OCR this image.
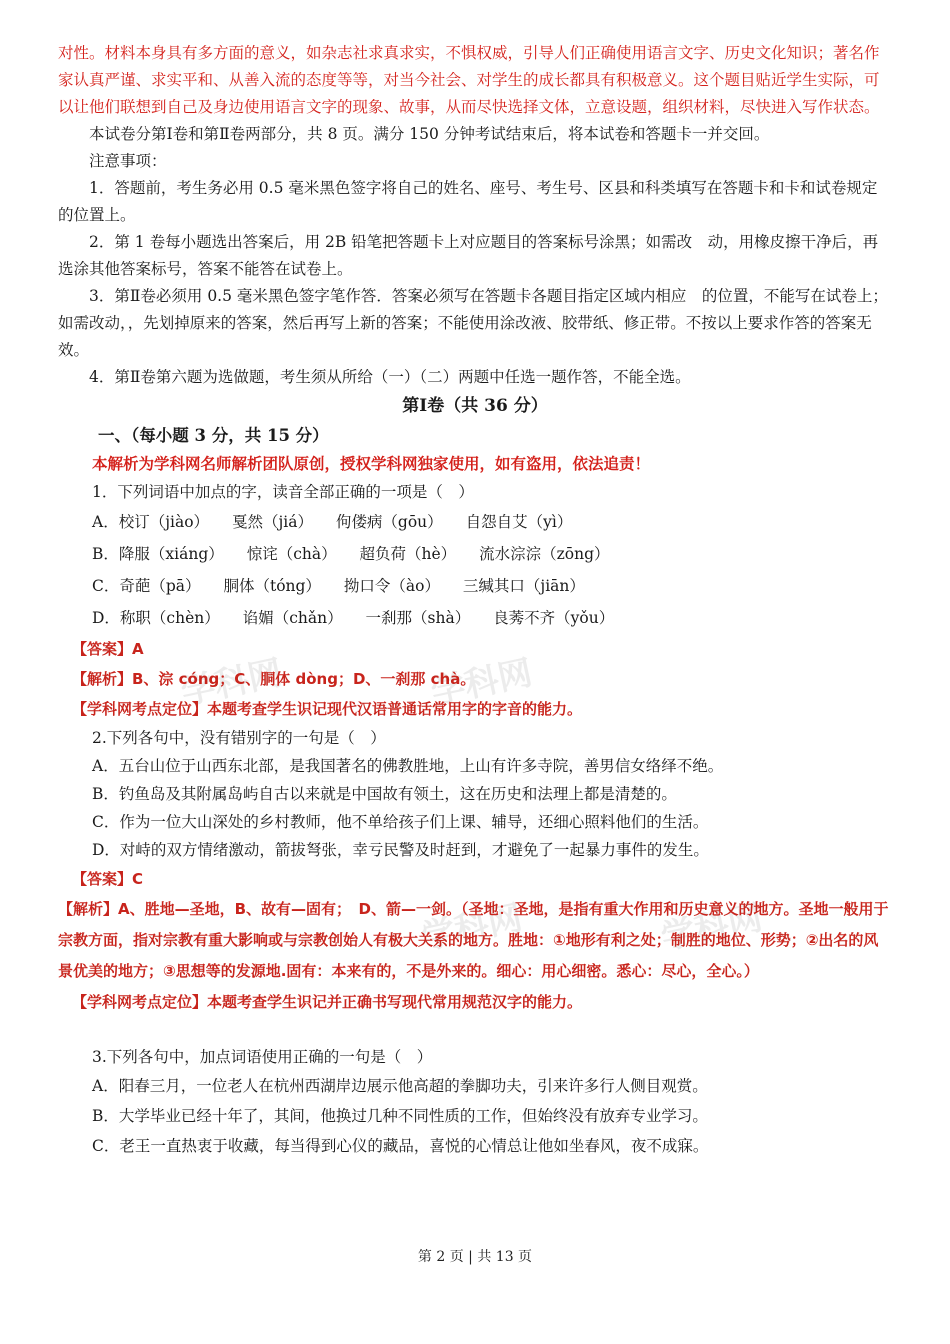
学科网	学科网
学科网	学科网

对性。材料本身具有多方面的意义，如杂志社求真求实，不惧权威，引导人们正确使用语言文字、历史文化知识；著名作家认真严谨、求实平和、从善入流的态度等等，对当今社会、对学生的成长都具有积极意义。这个题目贴近学生实际，可以让他们联想到自己及身边使用语言文字的现象、故事，从而尽快选择文体，立意设题，组织材料，尽快进入写作状态。

本试卷分第Ⅰ卷和第Ⅱ卷两部分，共 8 页。满分 150 分钟考试结束后，将本试卷和答题卡一并交回。

注意事项：

1．答题前，考生务必用 0.5 毫米黑色签字将自己的姓名、座号、考生号、区县和科类填写在答题卡和卡和试卷规定的位置上。

2．第 1 卷每小题选出答案后，用 2B 铅笔把答题卡上对应题目的答案标号涂黑；如需改　动，用橡皮擦干净后，再选涂其他答案标号，答案不能答在试卷上。

3．第Ⅱ卷必须用 0.5 毫米黑色签字笔作答．答案必须写在答题卡各题目指定区域内相应　的位置，不能写在试卷上；如需改动，，先划掉原来的答案，然后再写上新的答案；不能使用涂改液、胶带纸、修正带。不按以上要求作答的答案无效。

4．第Ⅱ卷第六题为选做题，考生须从所给（一）（二）两题中任选一题作答，不能全选。

第Ⅰ卷（共 36 分）

一、（每小题 3 分，共 15 分）

本解析为学科网名师解析团队原创，授权学科网独家使用，如有盗用，依法追责！

1．下列词语中加点的字，读音全部正确的一项是（　）

A．校订（jiào） 戛然（jiá） 佝偻病（gōu） 自怨自艾（yì）

B．降服（xiáng） 惊诧（chà） 超负荷（hè） 流水淙淙（zōng）

C．奇葩（pā） 胴体（tóng） 拗口令（ào） 三缄其口（jiān）

D．称职（chèn） 谄媚（chǎn） 一刹那（shà） 良莠不齐（yǒu）

【答案】A

【解析】B、淙 cóng；C、胴体 dòng；D、一刹那 chà。

【学科网考点定位】本题考查学生识记现代汉语普通话常用字的字音的能力。

2.下列各句中，没有错别字的一句是（　）

A．五台山位于山西东北部，是我国著名的佛教胜地，上山有许多寺院，善男信女络绎不绝。

B．钓鱼岛及其附属岛屿自古以来就是中国故有领土，这在历史和法理上都是清楚的。

C．作为一位大山深处的乡村教师，他不单给孩子们上课、辅导，还细心照料他们的生活。

D．对峙的双方情绪激动，箭拔弩张，幸亏民警及时赶到，才避免了一起暴力事件的发生。

【答案】C

【解析】A、胜地—圣地，B、故有—固有；　D、箭—一剑。（圣地：圣地，是指有重大作用和历史意义的地方。圣地一般用于宗教方面，指对宗教有重大影响或与宗教创始人有极大关系的地方。胜地：①地形有利之处；制胜的地位、形势；②出名的风景优美的地方；③思想等的发源地.固有：本来有的，不是外来的。细心：用心细密。悉心：尽心，全心。）

【学科网考点定位】本题考查学生识记并正确书写现代常用规范汉字的能力。

3.下列各句中，加点词语使用正确的一句是（　）

A．阳春三月，一位老人在杭州西湖岸边展示他高超的拳脚功夫，引来许多行人侧目观赏。

B．大学毕业已经十年了，其间，他换过几种不同性质的工作，但始终没有放弃专业学习。

C．老王一直热衷于收藏，每当得到心仪的藏品，喜悦的心情总让他如坐春风，夜不成寐。

第 2 页 | 共 13 页
